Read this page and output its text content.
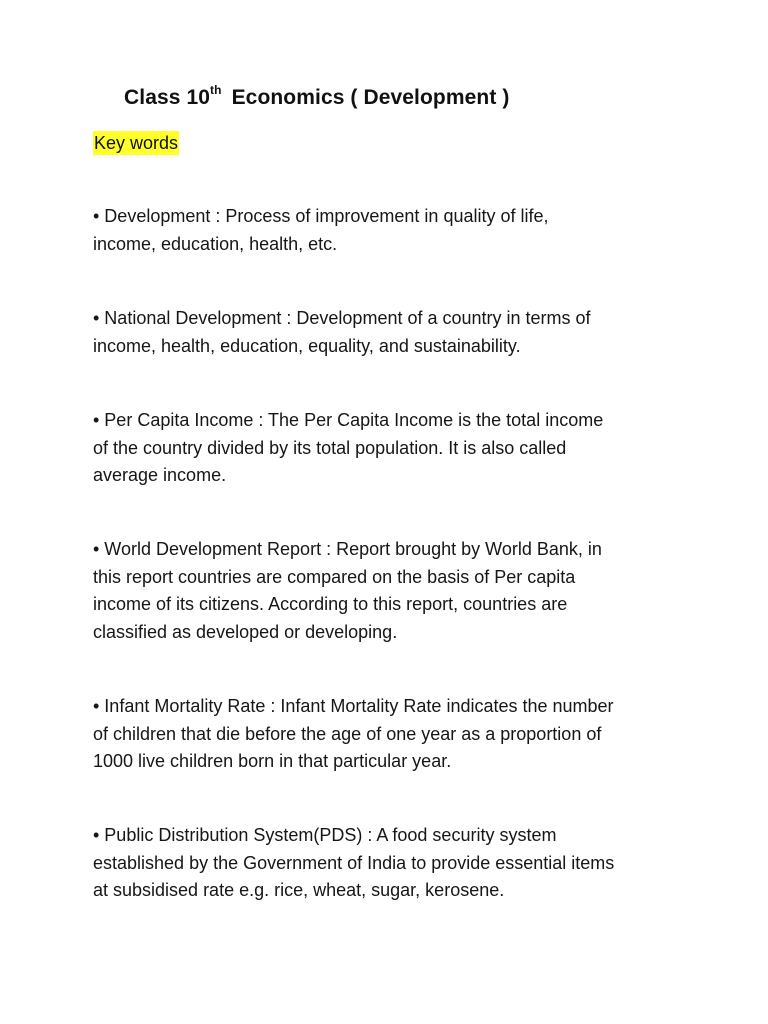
Class 10th Economics ( Development )
Key words
• Development : Process of improvement in quality of life,
income, education, health, etc.
• National Development : Development of a country in terms of
income, health, education, equality, and sustainability.
• Per Capita Income : The Per Capita Income is the total income
of the country divided by its total population. It is also called
average income.
• World Development Report : Report brought by World Bank, in
this report countries are compared on the basis of Per capita
income of its citizens. According to this report, countries are
classified as developed or developing.
• Infant Mortality Rate : Infant Mortality Rate indicates the number
of children that die before the age of one year as a proportion of
1000 live children born in that particular year.
• Public Distribution System(PDS) : A food security system
established by the Government of India to provide essential items
at subsidised rate e.g. rice, wheat, sugar, kerosene.
